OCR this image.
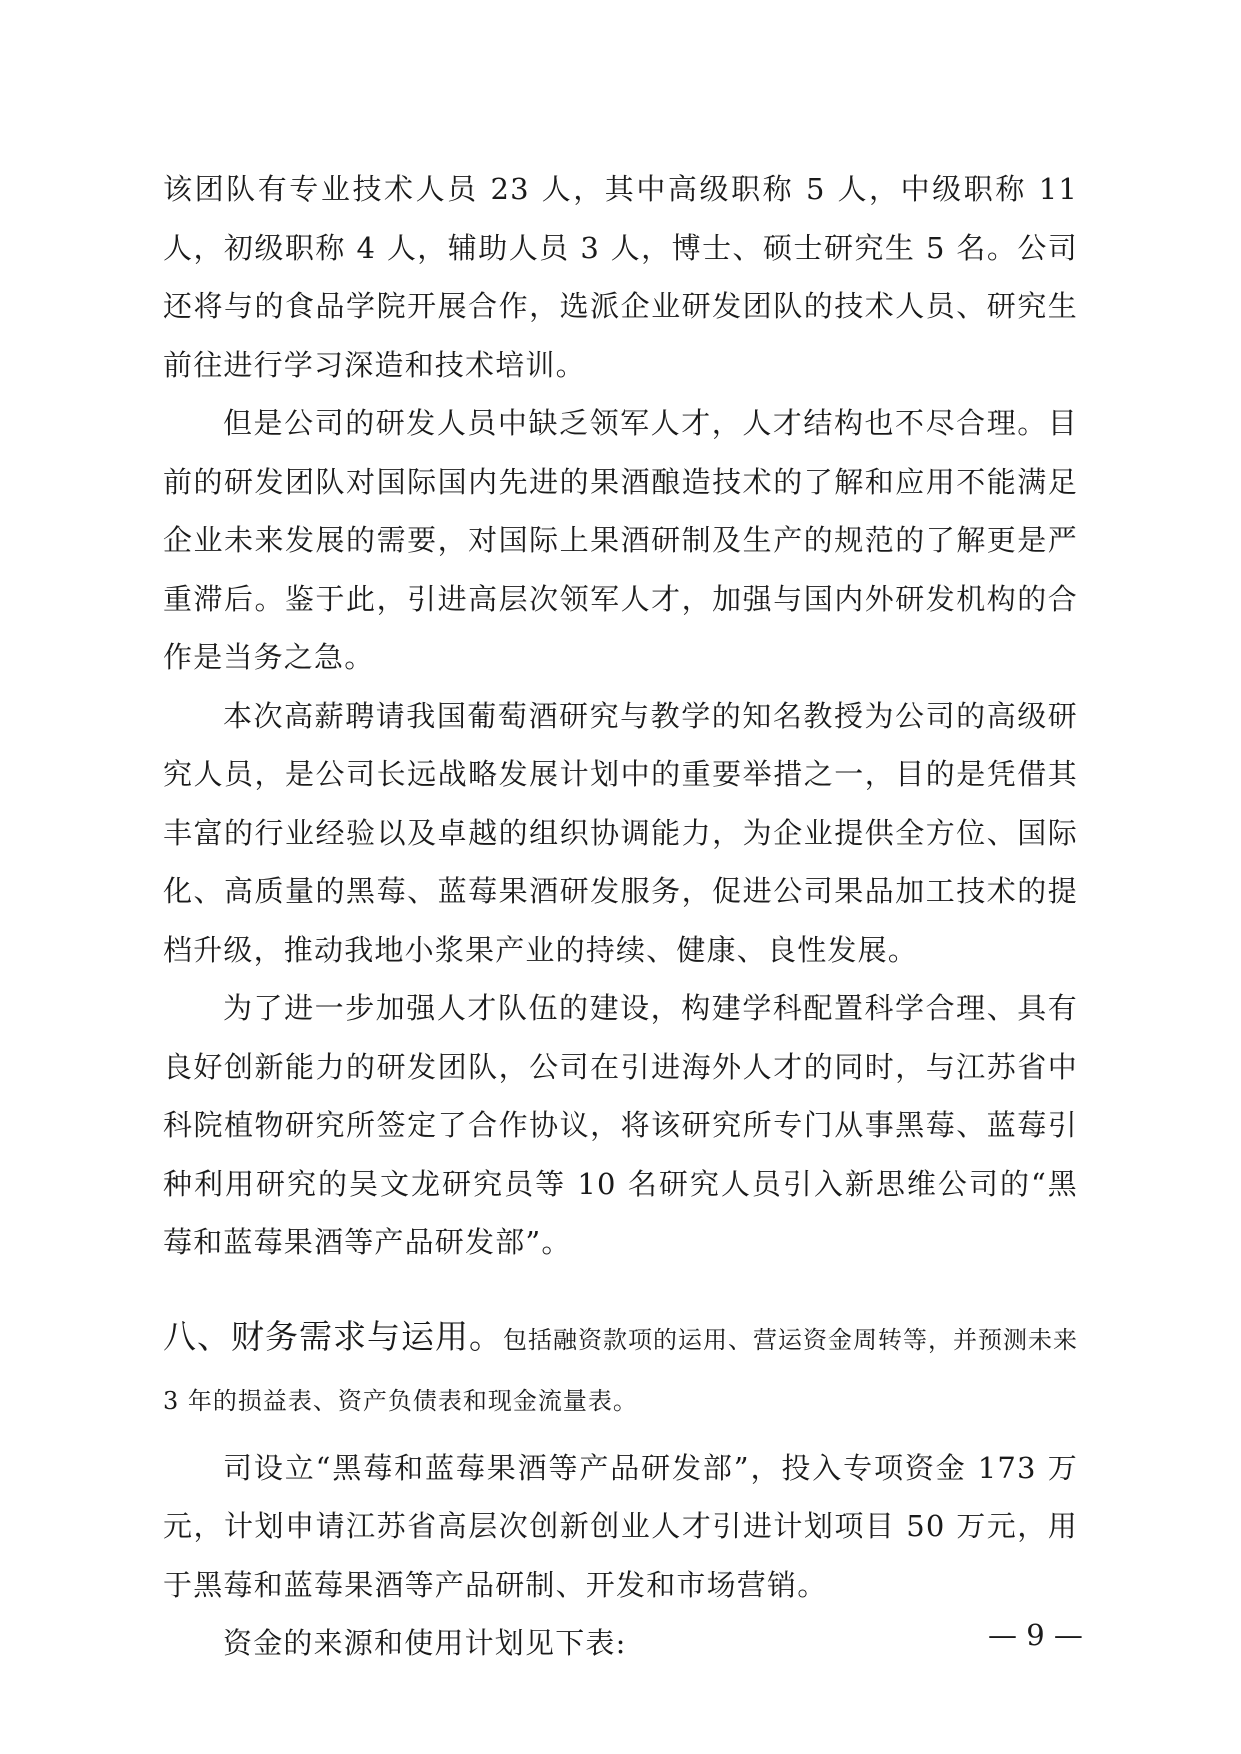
该团队有专业技术人员 23 人，其中高级职称 5 人，中级职称 11 人，初级职称 4 人，辅助人员 3 人，博士、硕士研究生 5 名。公司还将与的食品学院开展合作，选派企业研发团队的技术人员、研究生前往进行学习深造和技术培训。

但是公司的研发人员中缺乏领军人才，人才结构也不尽合理。目前的研发团队对国际国内先进的果酒酿造技术的了解和应用不能满足企业未来发展的需要，对国际上果酒研制及生产的规范的了解更是严重滞后。鉴于此，引进高层次领军人才，加强与国内外研发机构的合作是当务之急。

本次高薪聘请我国葡萄酒研究与教学的知名教授为公司的高级研究人员，是公司长远战略发展计划中的重要举措之一，目的是凭借其丰富的行业经验以及卓越的组织协调能力，为企业提供全方位、国际化、高质量的黑莓、蓝莓果酒研发服务，促进公司果品加工技术的提档升级，推动我地小浆果产业的持续、健康、良性发展。

为了进一步加强人才队伍的建设，构建学科配置科学合理、具有良好创新能力的研发团队，公司在引进海外人才的同时，与江苏省中科院植物研究所签定了合作协议，将该研究所专门从事黑莓、蓝莓引种利用研究的吴文龙研究员等 10 名研究人员引入新思维公司的“黑莓和蓝莓果酒等产品研发部”。

八、财务需求与运用。包括融资款项的运用、营运资金周转等，并预测未来 3 年的损益表、资产负债表和现金流量表。

司设立“黑莓和蓝莓果酒等产品研发部”，投入专项资金 173 万元，计划申请江苏省高层次创新创业人才引进计划项目 50 万元，用于黑莓和蓝莓果酒等产品研制、开发和市场营销。

资金的来源和使用计划见下表:	— 9 —
